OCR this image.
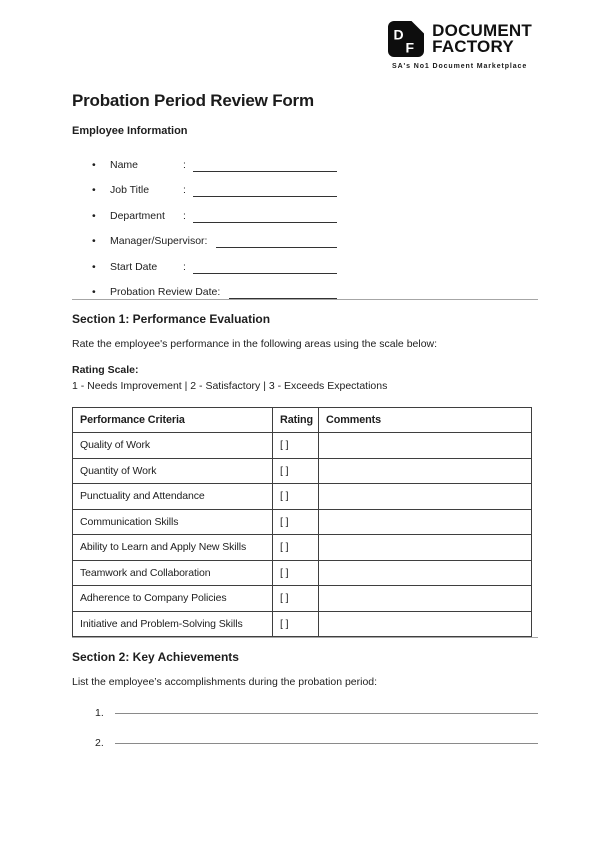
D
F
DOCUMENT
FACTORY
SA's No1 Document Marketplace
Probation Period Review Form
Employee Information
•	Name	:
•	Job Title	:
•	Department	:
•	Manager/Supervisor:
•	Start Date	:
•	Probation Review Date:
Section 1: Performance Evaluation

Rate the employee's performance in the following areas using the scale below:

Rating Scale:
1 - Needs Improvement | 2 - Satisfactory | 3 - Exceeds Expectations
Performance Criteria	Rating	Comments
Quality of Work	[ ]	
Quantity of Work	[ ]	
Punctuality and Attendance	[ ]	
Communication Skills	[ ]	
Ability to Learn and Apply New Skills	[ ]	
Teamwork and Collaboration	[ ]	
Adherence to Company Policies	[ ]	
Initiative and Problem-Solving Skills	[ ]	
Section 2: Key Achievements

List the employee’s accomplishments during the probation period:

1.
2.
